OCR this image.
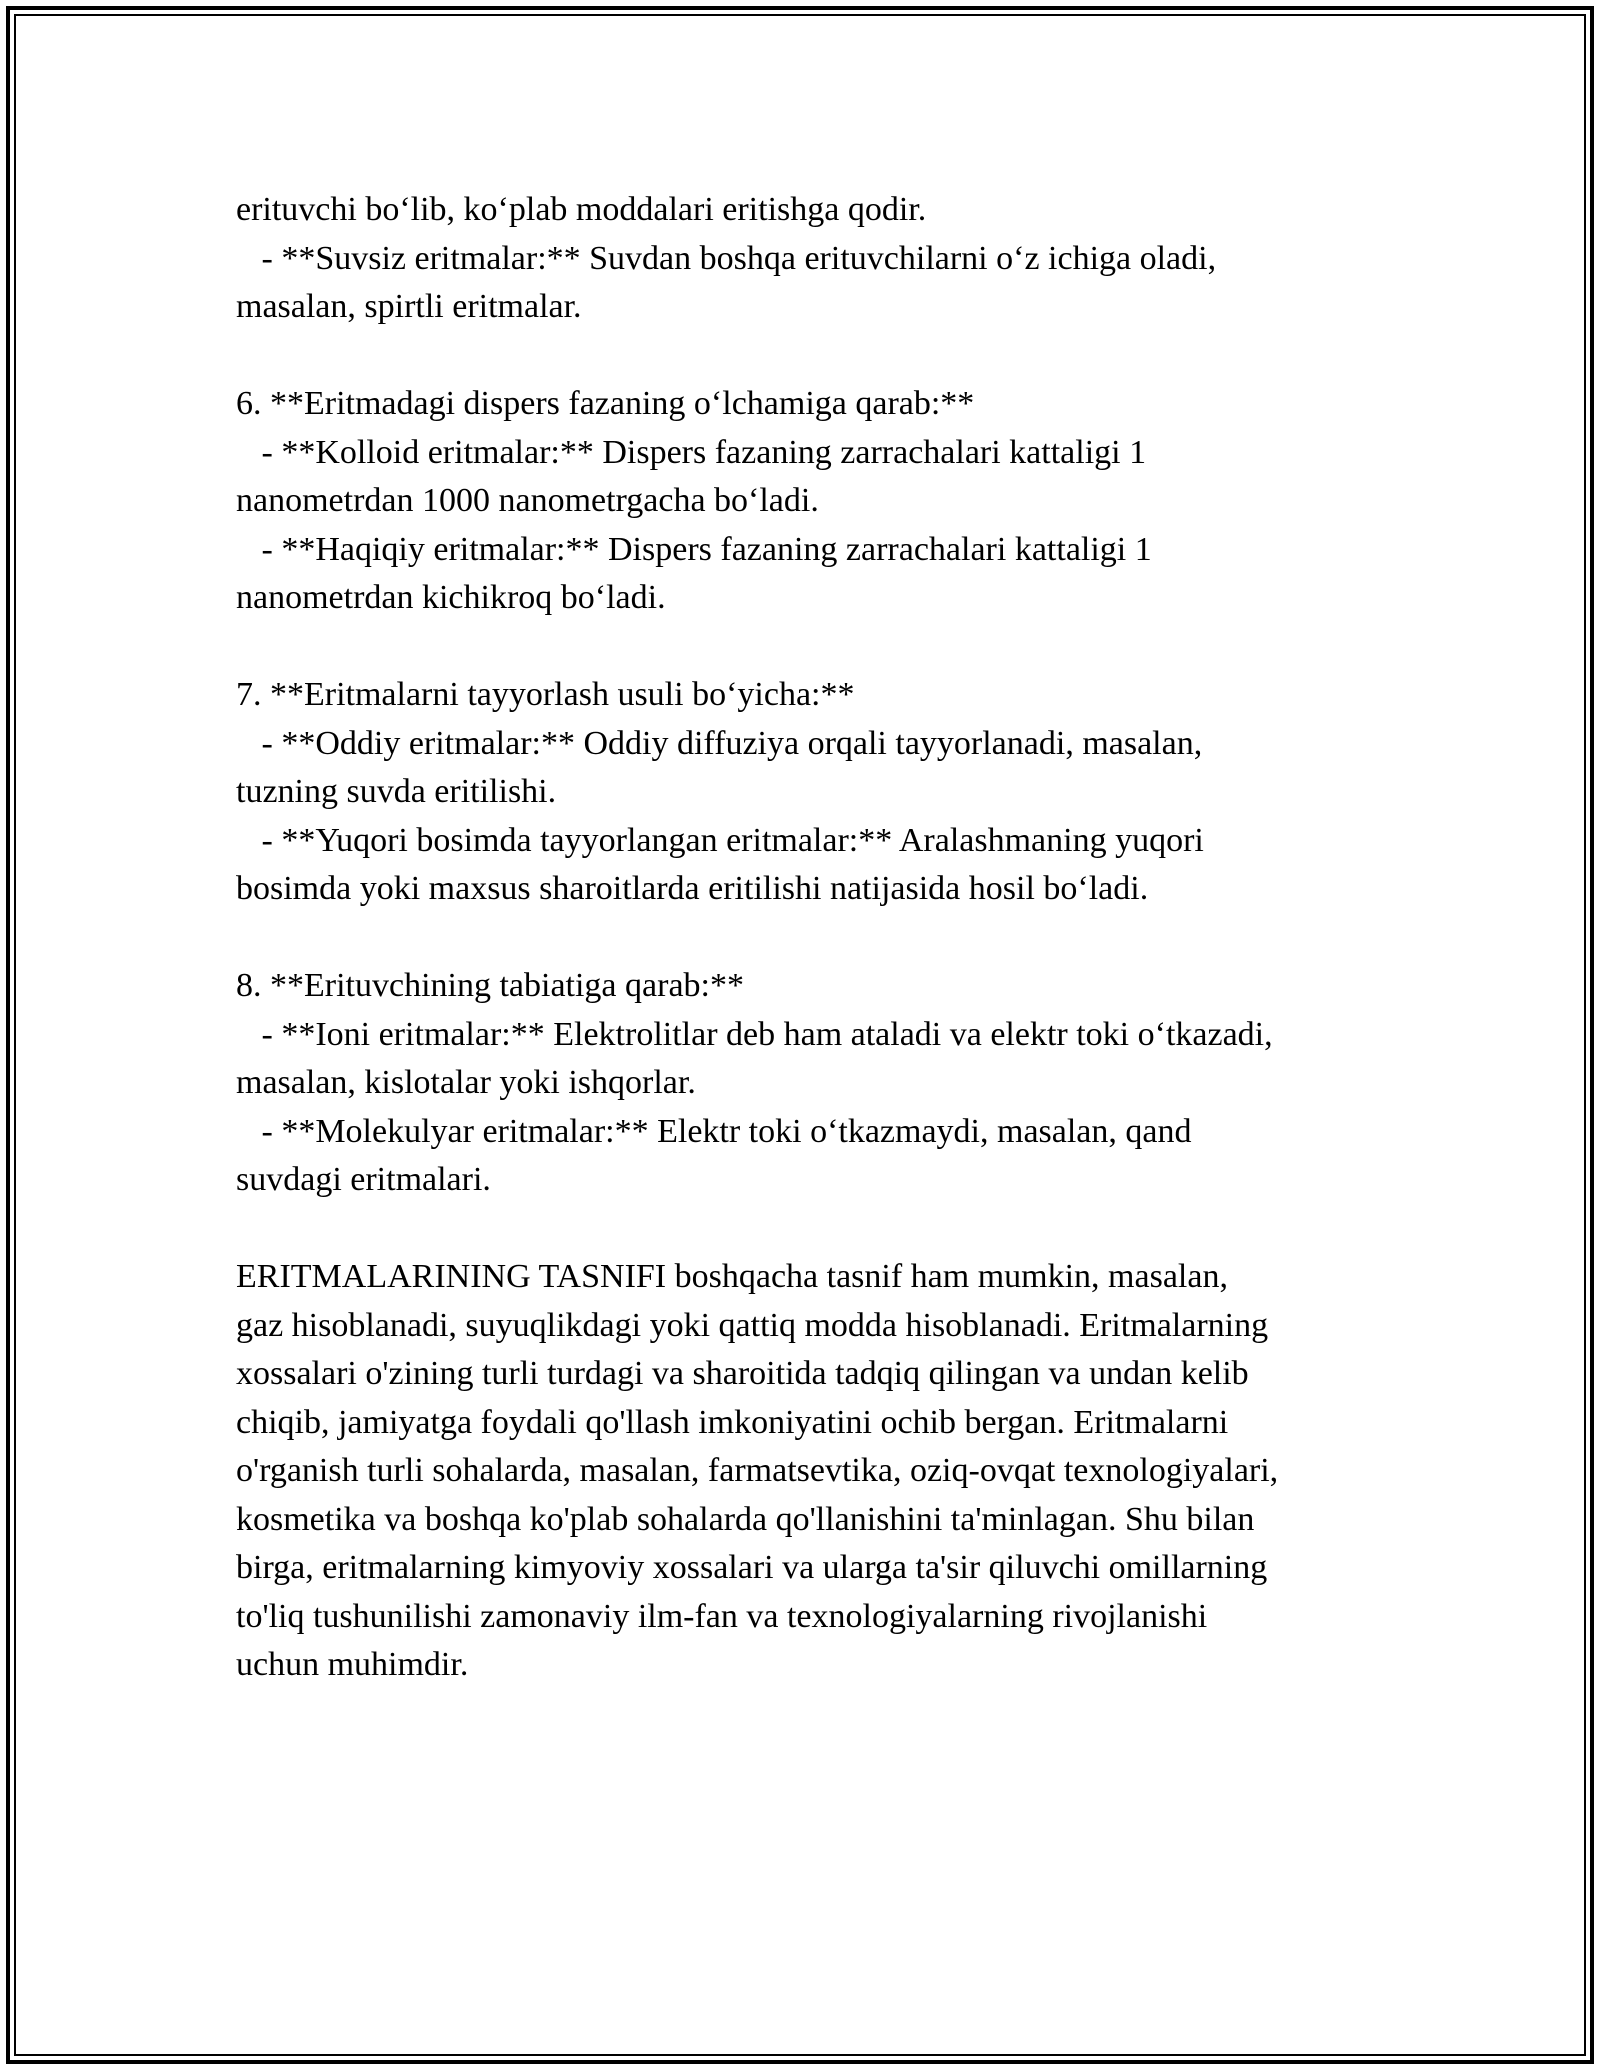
erituvchi bo‘lib, ko‘plab moddalari eritishga qodir.
- **Suvsiz eritmalar:** Suvdan boshqa erituvchilarni o‘z ichiga oladi,
masalan, spirtli eritmalar.
6. **Eritmadagi dispers fazaning o‘lchamiga qarab:**
- **Kolloid eritmalar:** Dispers fazaning zarrachalari kattaligi 1
nanometrdan 1000 nanometrgacha bo‘ladi.
- **Haqiqiy eritmalar:** Dispers fazaning zarrachalari kattaligi 1
nanometrdan kichikroq bo‘ladi.
7. **Eritmalarni tayyorlash usuli bo‘yicha:**
- **Oddiy eritmalar:** Oddiy diffuziya orqali tayyorlanadi, masalan,
tuzning suvda eritilishi.
- **Yuqori bosimda tayyorlangan eritmalar:** Aralashmaning yuqori
bosimda yoki maxsus sharoitlarda eritilishi natijasida hosil bo‘ladi.
8. **Erituvchining tabiatiga qarab:**
- **Ioni eritmalar:** Elektrolitlar deb ham ataladi va elektr toki o‘tkazadi,
masalan, kislotalar yoki ishqorlar.
- **Molekulyar eritmalar:** Elektr toki o‘tkazmaydi, masalan, qand
suvdagi eritmalari.
ERITMALARINING TASNIFI boshqacha tasnif ham mumkin, masalan,
gaz hisoblanadi, suyuqlikdagi yoki qattiq modda hisoblanadi. Eritmalarning
xossalari o'zining turli turdagi va sharoitida tadqiq qilingan va undan kelib
chiqib, jamiyatga foydali qo'llash imkoniyatini ochib bergan. Eritmalarni
o'rganish turli sohalarda, masalan, farmatsevtika, oziq-ovqat texnologiyalari,
kosmetika va boshqa ko'plab sohalarda qo'llanishini ta'minlagan. Shu bilan
birga, eritmalarning kimyoviy xossalari va ularga ta'sir qiluvchi omillarning
to'liq tushunilishi zamonaviy ilm-fan va texnologiyalarning rivojlanishi
uchun muhimdir.
